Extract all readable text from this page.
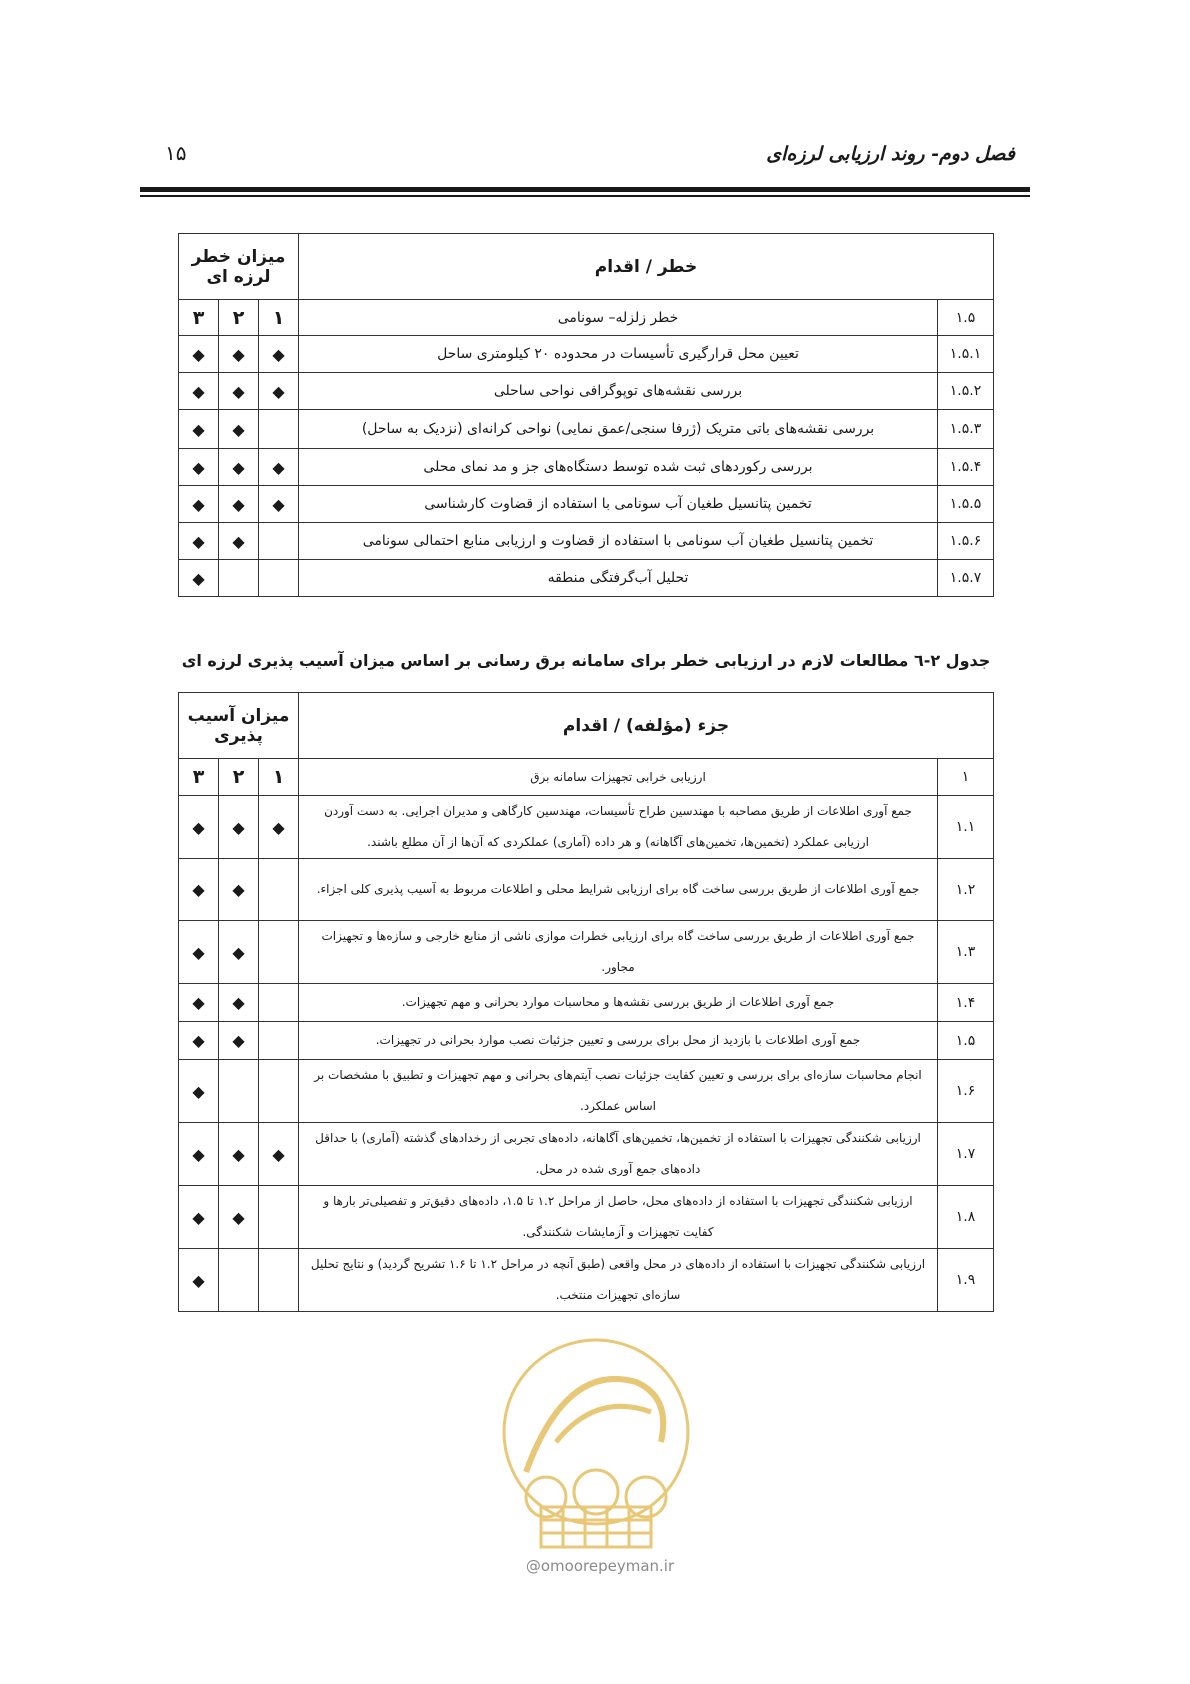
فصل دوم- روند ارزیابی لرزه‌ای
۱۵
خطر / اقدام		میزان خطر لرزه ای		
۱.۵	خطر زلزله– سونامی	۱	۲	۳
۱.۵.۱	تعیین محل قرارگیری تأسیسات در محدوده ۲۰ کیلومتری ساحل	◆	◆	◆
۱.۵.۲	بررسی نقشه‌های توپوگرافی نواحی ساحلی	◆	◆	◆
۱.۵.۳	بررسی نقشه‌های باتی متریک (ژرفا سنجی/عمق نمایی) نواحی کرانه‌ای (نزدیک به ساحل)		◆	◆
۱.۵.۴	بررسی رکوردهای ثبت شده توسط دستگاه‌های جز و مد نمای محلی	◆	◆	◆
۱.۵.۵	تخمین پتانسیل طغیان آب سونامی با استفاده از قضاوت کارشناسی	◆	◆	◆
۱.۵.۶	تخمین پتانسیل طغیان آب سونامی با استفاده از قضاوت و ارزیابی منابع احتمالی سونامی		◆	◆
۱.۵.۷	تحلیل آب‌گرفتگی منطقه			◆
جدول ۲-٦ مطالعات لازم در ارزیابی خطر برای سامانه برق رسانی بر اساس میزان آسیب پذیری لرزه ای
جزء (مؤلفه) / اقدام		میزان آسیب پذیری		
۱	ارزیابی خرابی تجهیزات سامانه برق	۱	۲	۳
۱.۱	جمع آوری اطلاعات از طریق مصاحبه با مهندسین طراح تأسیسات، مهندسین کارگاهی و مدیران اجرایی. به دست آوردن ارزیابی عملکرد (تخمین‌ها، تخمین‌های آگاهانه) و هر داده (آماری) عملکردی که آن‌ها از آن مطلع باشند.	◆	◆	◆
۱.۲	جمع آوری اطلاعات از طریق بررسی ساخت گاه برای ارزیابی شرایط محلی و اطلاعات مربوط به آسیب پذیری کلی اجزاء.		◆	◆
۱.۳	جمع آوری اطلاعات از طریق بررسی ساخت گاه برای ارزیابی خطرات موازی ناشی از منابع خارجی و سازه‌ها و تجهیزات مجاور.		◆	◆
۱.۴	جمع آوری اطلاعات از طریق بررسی نقشه‌ها و محاسبات موارد بحرانی و مهم تجهیزات.		◆	◆
۱.۵	جمع آوری اطلاعات با بازدید از محل برای بررسی و تعیین جزئیات نصب موارد بحرانی در تجهیزات.		◆	◆
۱.۶	انجام محاسبات سازه‌ای برای بررسی و تعیین کفایت جزئیات نصب آیتم‌های بحرانی و مهم تجهیزات و تطبیق با مشخصات بر اساس عملکرد.			◆
۱.۷	ارزیابی شکنندگی تجهیزات با استفاده از تخمین‌ها، تخمین‌های آگاهانه، داده‌های تجربی از رخدادهای گذشته (آماری) با حداقل داده‌های جمع آوری شده در محل.	◆	◆	◆
۱.۸	ارزیابی شکنندگی تجهیزات با استفاده از داده‌های محل، حاصل از مراحل ۱.۲ تا ۱.۵، داده‌های دقیق‌تر و تفصیلی‌تر بارها و کفایت تجهیزات و آزمایشات شکنندگی.		◆	◆
۱.۹	ارزیابی شکنندگی تجهیزات با استفاده از داده‌های در محل واقعی (طبق آنچه در مراحل ۱.۲ تا ۱.۶ تشریح گردید) و نتایج تحلیل سازه‌ای تجهیزات منتخب.			◆
@omoorepeyman.ir
